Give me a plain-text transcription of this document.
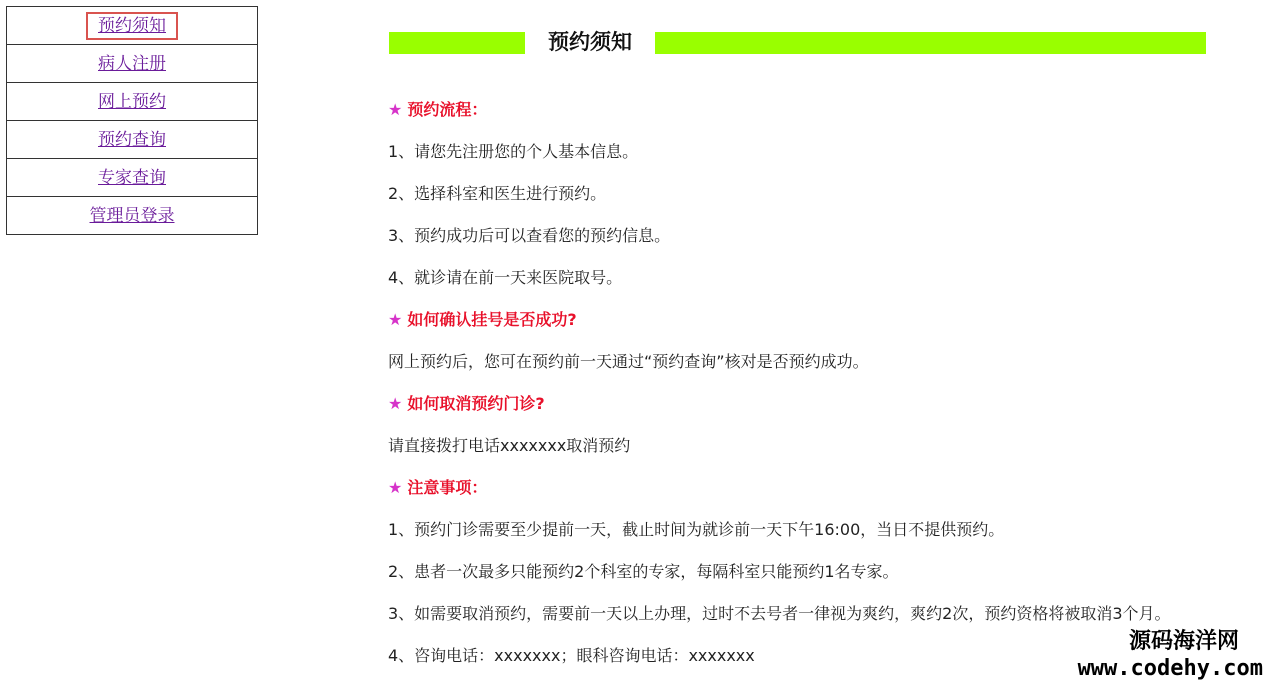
预约须知
病人注册
网上预约
预约查询
专家查询
管理员登录
预约须知
★ 预约流程：
1、请您先注册您的个人基本信息。
2、选择科室和医生进行预约。
3、预约成功后可以查看您的预约信息。
4、就诊请在前一天来医院取号。
★ 如何确认挂号是否成功?
网上预约后，您可在预约前一天通过“预约查询”核对是否预约成功。
★ 如何取消预约门诊?
请直接拨打电话xxxxxxx取消预约
★ 注意事项：
1、预约门诊需要至少提前一天，截止时间为就诊前一天下午16:00，当日不提供预约。
2、患者一次最多只能预约2个科室的专家，每隔科室只能预约1名专家。
3、如需要取消预约，需要前一天以上办理，过时不去号者一律视为爽约，爽约2次，预约资格将被取消3个月。
4、咨询电话：xxxxxxx；眼科咨询电话：xxxxxxx
源码海洋网
www.codehy.com
